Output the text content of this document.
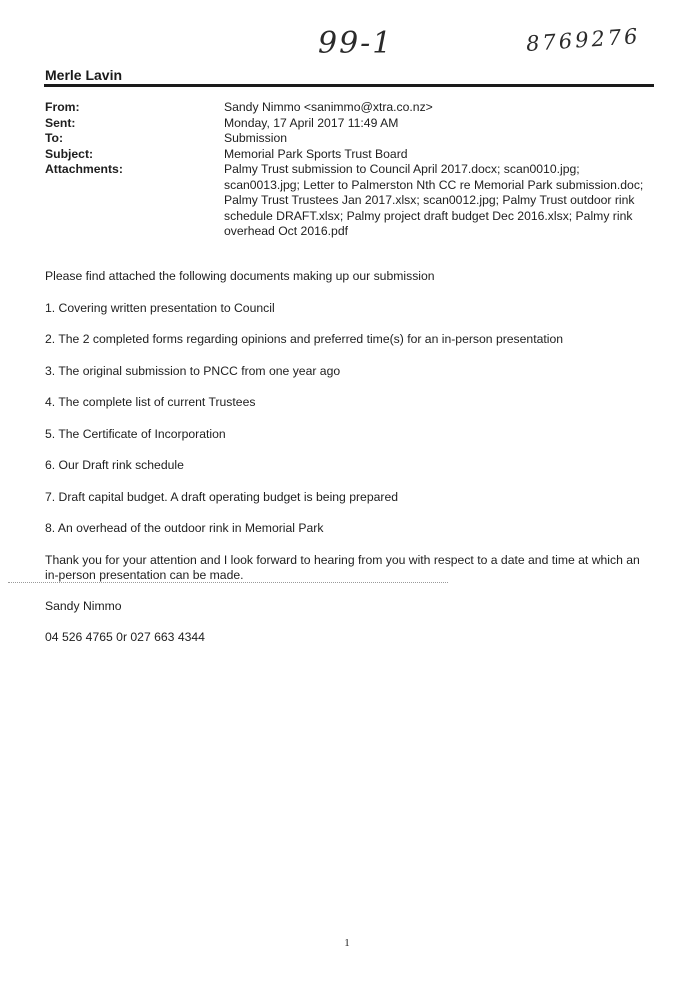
99-1	8769276
Merle Lavin
From:	Sandy Nimmo <sanimmo@xtra.co.nz>
Sent:	Monday, 17 April 2017 11:49 AM
To:	Submission
Subject:	Memorial Park Sports Trust Board
Attachments:	Palmy Trust submission to Council April 2017.docx; scan0010.jpg; scan0013.jpg; Letter to Palmerston Nth CC re Memorial Park submission.doc; Palmy Trust Trustees Jan 2017.xlsx; scan0012.jpg; Palmy Trust outdoor rink schedule DRAFT.xlsx; Palmy project draft budget Dec 2016.xlsx; Palmy rink overhead Oct 2016.pdf

Please find attached the following documents making up our submission

1. Covering written presentation to Council

2. The 2 completed forms regarding opinions and preferred time(s) for an in-person presentation

3. The original submission to PNCC from one year ago

4. The complete list of current Trustees

5. The Certificate of Incorporation

6. Our Draft rink schedule

7. Draft capital budget. A draft operating budget is being prepared

8. An overhead of the outdoor rink in Memorial Park

Thank you for your attention and I look forward to hearing from you with respect to a date and time at which an in-person presentation can be made.

Sandy Nimmo

04 526 4765 0r 027 663 4344

1
